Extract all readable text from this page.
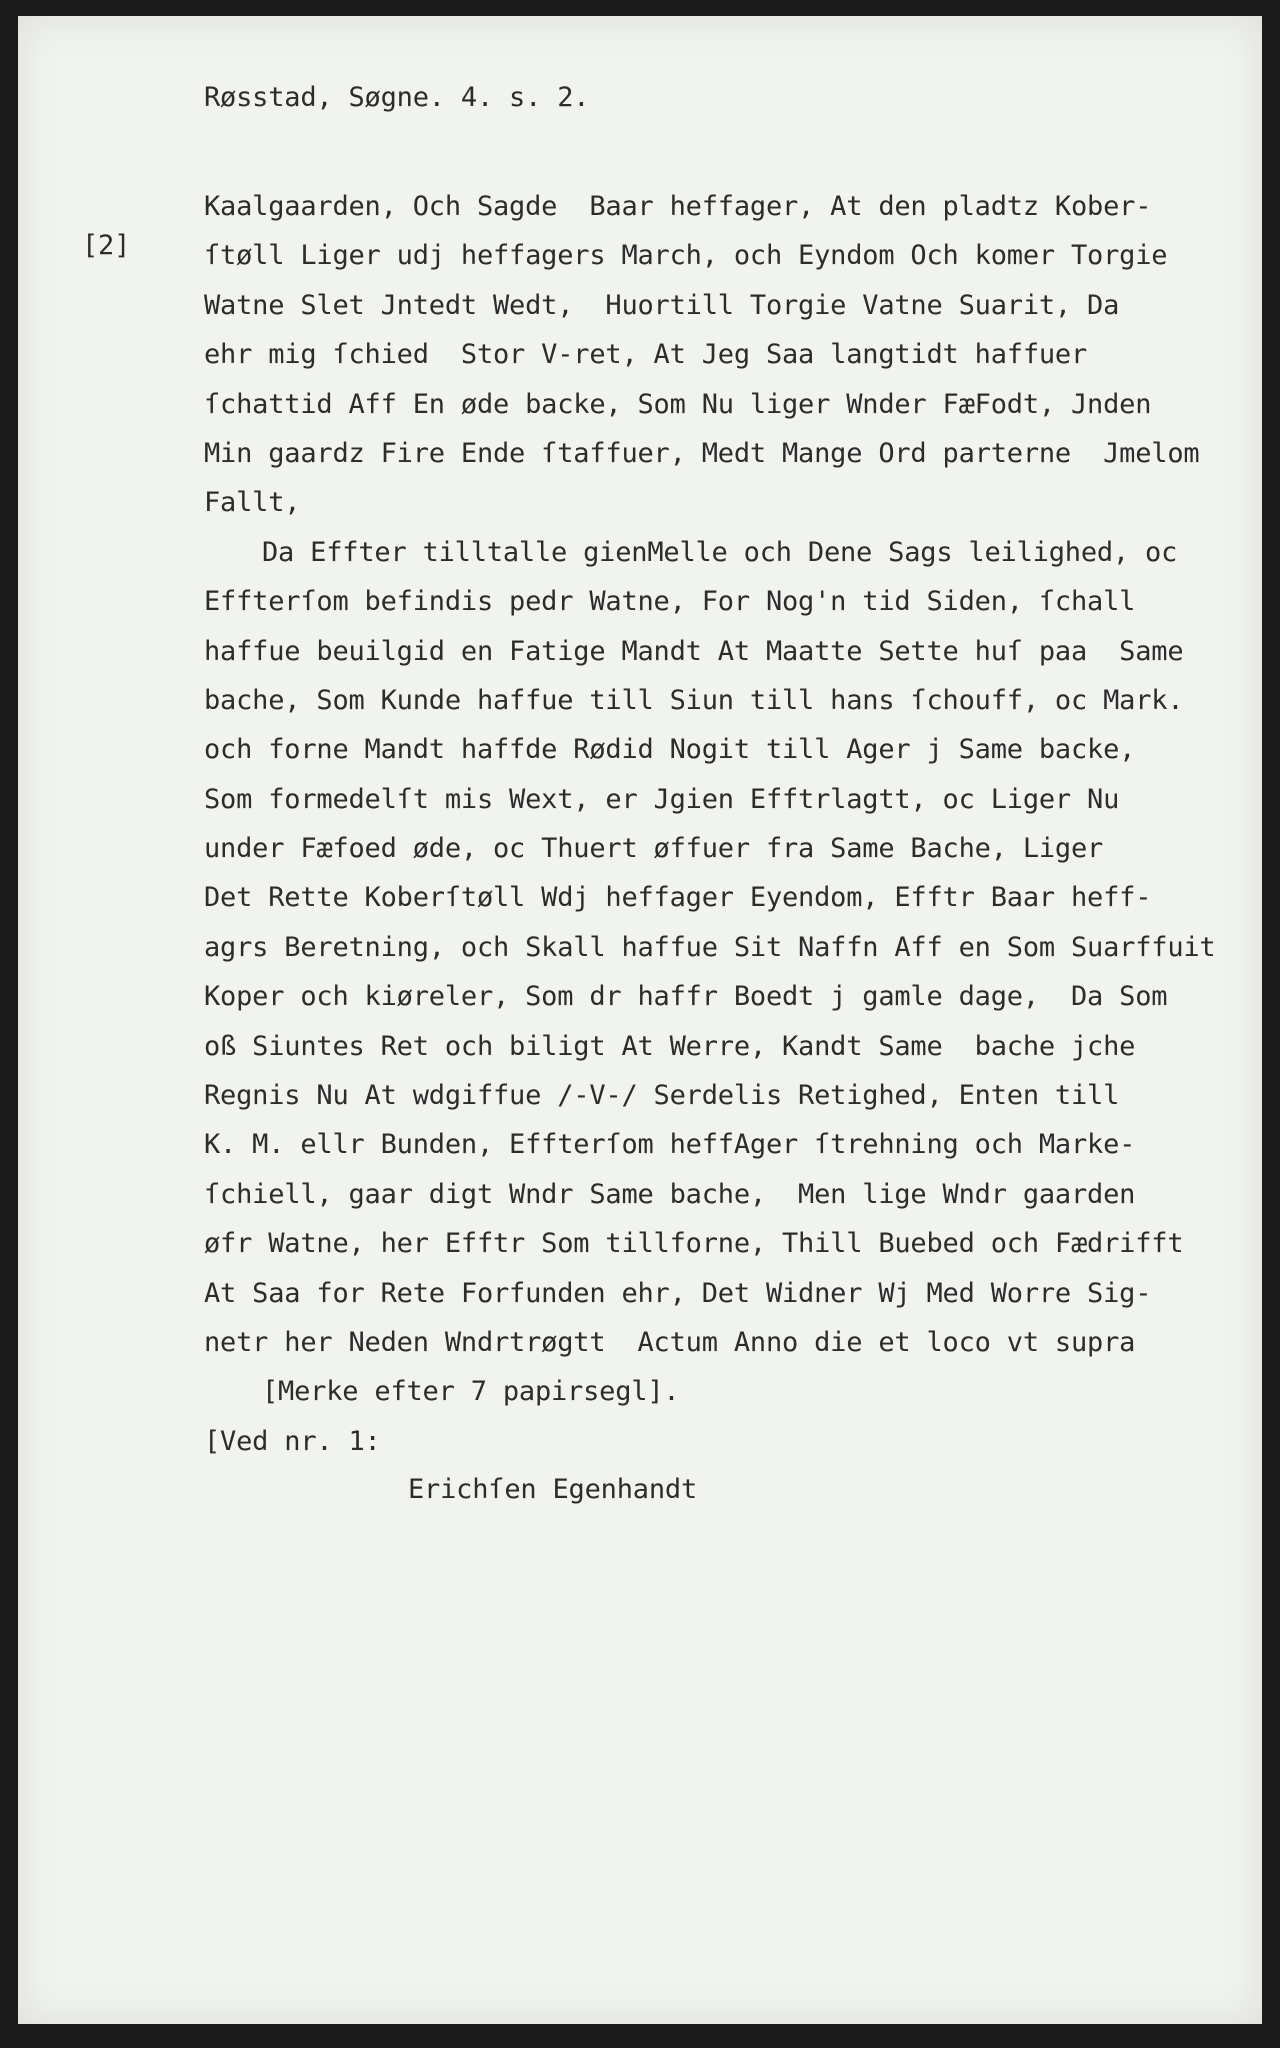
Røsstad, Søgne. 4. s. 2.
[2]
Kaalgaarden, Och Sagde  Baar heffager, At den pladtz Kober-
ſtøll Liger udj heffagers March, och Eyndom Och komer Torgie
Watne Slet Jntedt Wedt,  Huortill Torgie Vatne Suarit, Da
ehr mig ſchied  Stor V-ret, At Jeg Saa langtidt haffuer
ſchattid Aff En øde backe, Som Nu liger Wnder FæFodt, Jnden
Min gaardz Fire Ende ſtaffuer, Medt Mange Ord parterne  Jmelom
Fallt,
Da Effter tilltalle gienMelle och Dene Sags leilighed, oc
Effterſom befindis pedr Watne, For Nog'n tid Siden, ſchall
haffue beuilgid en Fatige Mandt At Maatte Sette huſ paa  Same
bache, Som Kunde haffue till Siun till hans ſchouff, oc Mark.
och forne Mandt haffde Rødid Nogit till Ager j Same backe,
Som formedelſt mis Wext, er Jgien Efftrlagtt, oc Liger Nu
under Fæfoed øde, oc Thuert øffuer fra Same Bache, Liger
Det Rette Koberſtøll Wdj heffager Eyendom, Efftr Baar heff-
agrs Beretning, och Skall haffue Sit Naffn Aff en Som Suarffuit
Koper och kiøreler, Som dr haffr Boedt j gamle dage,  Da Som
oß Siuntes Ret och biligt At Werre, Kandt Same  bache jche
Regnis Nu At wdgiffue /-V-/ Serdelis Retighed, Enten till
K. M. ellr Bunden, Effterſom heffAger ſtrehning och Marke-
ſchiell, gaar digt Wndr Same bache,  Men lige Wndr gaarden
øfr Watne, her Efftr Som tillforne, Thill Buebed och Fædrifft
At Saa for Rete Forfunden ehr, Det Widner Wj Med Worre Sig-
netr her Neden Wndrtrøgtt  Actum Anno die et loco vt supra
[Merke efter 7 papirsegl].
[Ved nr. 1:
Erichſen Egenhandt
